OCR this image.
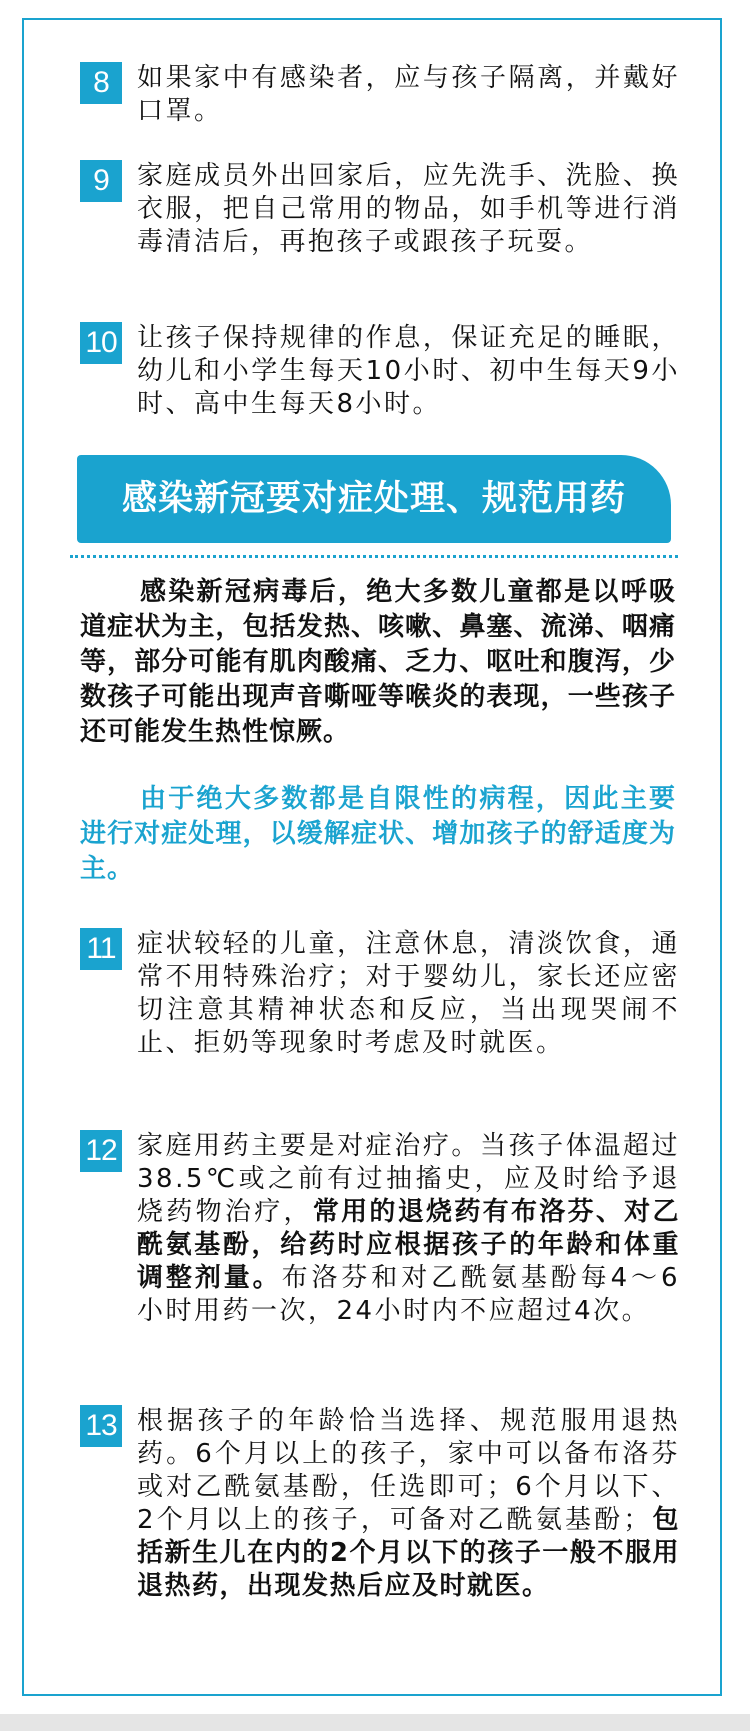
8	如果家中有感染者，应与孩子隔离，并戴好口罩。
9	家庭成员外出回家后，应先洗手、洗脸、换衣服，把自己常用的物品，如手机等进行消毒清洁后，再抱孩子或跟孩子玩耍。
10 让孩子保持规律的作息，保证充足的睡眠，幼儿和小学生每天10小时、初中生每天9小时、高中生每天8小时。
感染新冠要对症处理、规范用药
感染新冠病毒后，绝大多数儿童都是以呼吸道症状为主，包括发热、咳嗽、鼻塞、流涕、咽痛等，部分可能有肌肉酸痛、乏力、呕吐和腹泻，少数孩子可能出现声音嘶哑等喉炎的表现，一些孩子还可能发生热性惊厥。
由于绝大多数都是自限性的病程，因此主要进行对症处理，以缓解症状、增加孩子的舒适度为主。
11 症状较轻的儿童，注意休息，清淡饮食，通常不用特殊治疗；对于婴幼儿，家长还应密切注意其精神状态和反应，当出现哭闹不止、拒奶等现象时考虑及时就医。
12 家庭用药主要是对症治疗。当孩子体温超过38.5℃或之前有过抽搐史，应及时给予退烧药物治疗，常用的退烧药有布洛芬、对乙酰氨基酚，给药时应根据孩子的年龄和体重调整剂量。布洛芬和对乙酰氨基酚每4～6小时用药一次，24小时内不应超过4次。
13 根据孩子的年龄恰当选择、规范服用退热药。6个月以上的孩子，家中可以备布洛芬或对乙酰氨基酚，任选即可；6个月以下、2个月以上的孩子，可备对乙酰氨基酚；包括新生儿在内的2个月以下的孩子一般不服用退热药，出现发热后应及时就医。
